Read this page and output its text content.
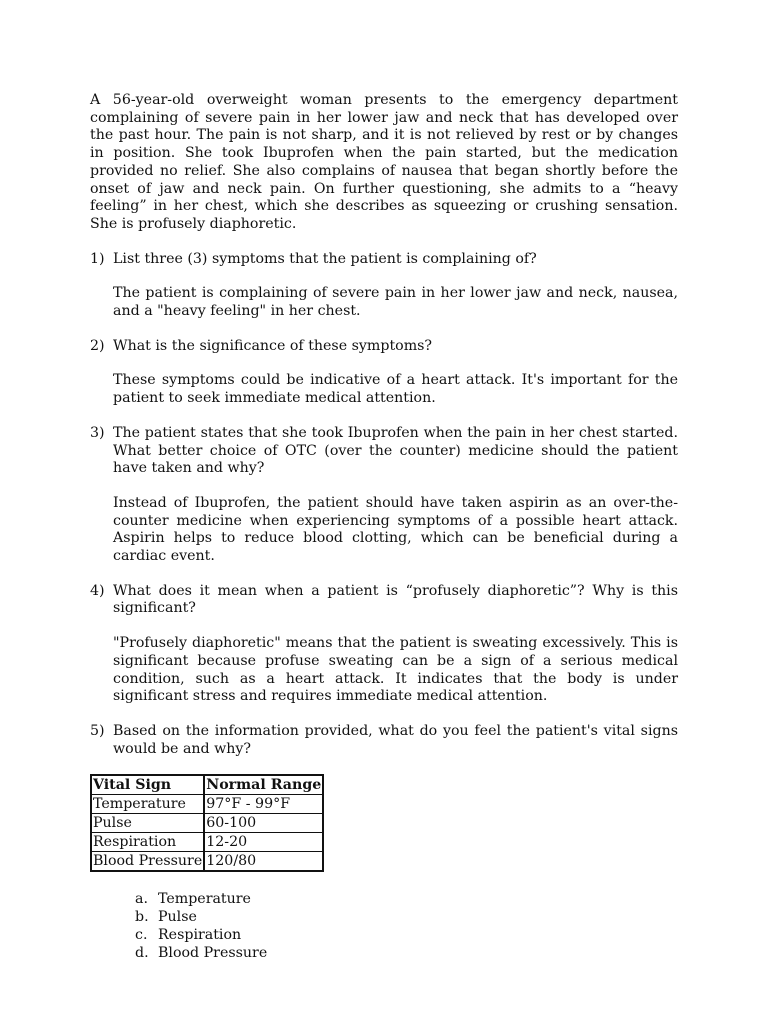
A 56-year-old overweight woman presents to the emergency department complaining of severe pain in her lower jaw and neck that has developed over the past hour. The pain is not sharp, and it is not relieved by rest or by changes in position. She took Ibuprofen when the pain started, but the medication provided no relief. She also complains of nausea that began shortly before the onset of jaw and neck pain. On further questioning, she admits to a “heavy feeling” in her chest, which she describes as squeezing or crushing sensation. She is profusely diaphoretic.

1) List three (3) symptoms that the patient is complaining of?

The patient is complaining of severe pain in her lower jaw and neck, nausea, and a "heavy feeling" in her chest.

2) What is the significance of these symptoms?

These symptoms could be indicative of a heart attack. It's important for the patient to seek immediate medical attention.

3) The patient states that she took Ibuprofen when the pain in her chest started. What better choice of OTC (over the counter) medicine should the patient have taken and why?

Instead of Ibuprofen, the patient should have taken aspirin as an over-the-counter medicine when experiencing symptoms of a possible heart attack. Aspirin helps to reduce blood clotting, which can be beneficial during a cardiac event.

4) What does it mean when a patient is “profusely diaphoretic”? Why is this significant?

"Profusely diaphoretic" means that the patient is sweating excessively. This is significant because profuse sweating can be a sign of a serious medical condition, such as a heart attack. It indicates that the body is under significant stress and requires immediate medical attention.

5) Based on the information provided, what do you feel the patient's vital signs would be and why?

Vital Sign	Normal Range
Temperature	97°F - 99°F
Pulse	60-100
Respiration	12-20
Blood Pressure	120/80
a. Temperature
b. Pulse
c. Respiration
d. Blood Pressure
